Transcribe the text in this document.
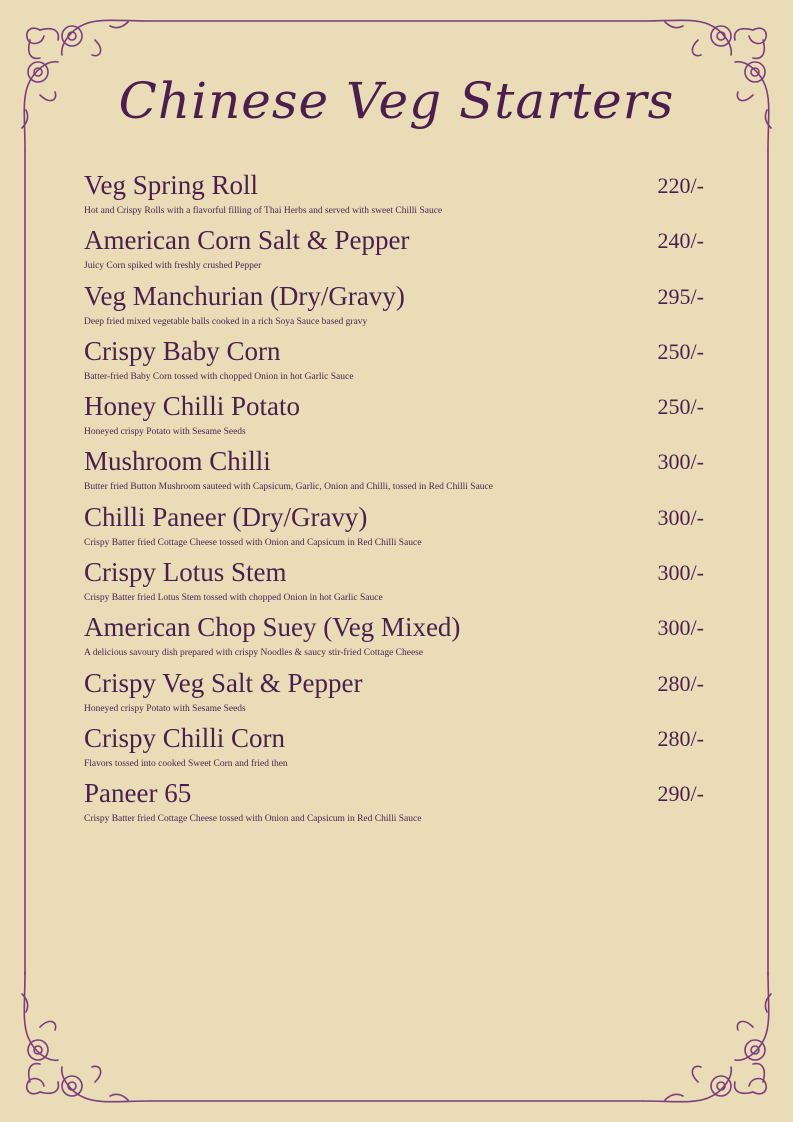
Chinese Veg Starters
Veg Spring Roll
Hot and Crispy Rolls with a flavorful filling of Thai Herbs and served with sweet Chilli Sauce
220/-
American Corn Salt & Pepper
Juicy Corn spiked with freshly crushed Pepper
240/-
Veg Manchurian (Dry/Gravy)
Deep fried mixed vegetable balls cooked in a rich Soya Sauce based gravy
295/-
Crispy Baby Corn
Batter-fried Baby Corn tossed with chopped Onion in hot Garlic Sauce
250/-
Honey Chilli Potato
Honeyed crispy Potato with Sesame Seeds
250/-
Mushroom Chilli
Butter fried Button Mushroom sauteed with Capsicum, Garlic, Onion and Chilli, tossed in Red Chilli Sauce
300/-
Chilli Paneer (Dry/Gravy)
Crispy Batter fried Cottage Cheese tossed with Onion and Capsicum in Red Chilli Sauce
300/-
Crispy Lotus Stem
Crispy Batter fried Lotus Stem tossed with chopped Onion in hot Garlic Sauce
300/-
American Chop Suey (Veg Mixed)
A delicious savoury dish prepared with crispy Noodles & saucy stir-fried Cottage Cheese
300/-
Crispy Veg Salt & Pepper
Honeyed crispy Potato with Sesame Seeds
280/-
Crispy Chilli Corn
Flavors tossed into cooked Sweet Corn and fried then
280/-
Paneer 65
Crispy Batter fried Cottage Cheese tossed with Onion and Capsicum in Red Chilli Sauce
290/-
